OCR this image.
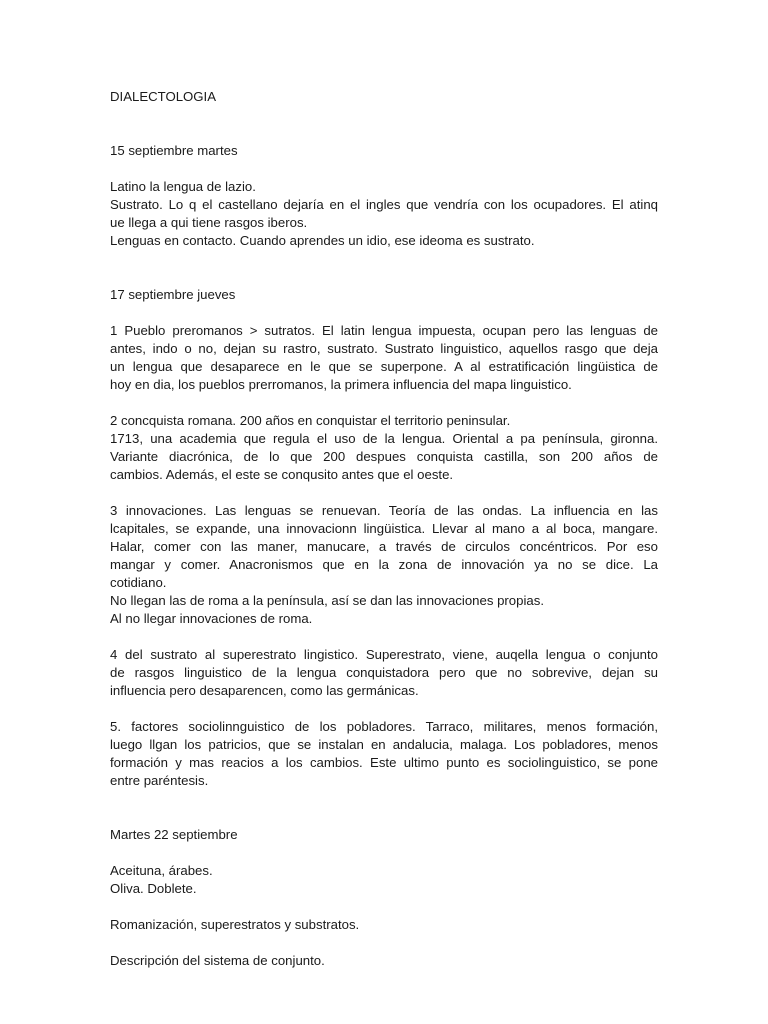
DIALECTOLOGIA
15 septiembre martes

Latino la lengua de lazio.
Sustrato. Lo q el castellano dejaría en el ingles que vendría con los ocupadores. El atinq
ue llega a qui tiene rasgos iberos.
Lenguas en contacto. Cuando aprendes un idio, ese ideoma es sustrato.

17 septiembre jueves

1 Pueblo preromanos > sutratos. El latin lengua impuesta, ocupan pero las lenguas de
antes, indo o no, dejan su rastro, sustrato. Sustrato linguistico, aquellos rasgo que deja
un lengua que desaparece en le que se superpone. A al estratificación lingüistica de
hoy en dia, los pueblos prerromanos, la primera influencia del mapa linguistico.

2 concquista romana. 200 años en conquistar el territorio peninsular.
1713, una academia que regula el uso de la lengua. Oriental a pa península, gironna.
Variante diacrónica, de lo que 200 despues conquista castilla, son 200 años de
cambios. Además, el este se conqusito antes que el oeste.

3 innovaciones. Las lenguas se renuevan. Teoría de las ondas. La influencia en las
lcapitales, se expande, una innovacionn lingüistica. Llevar al mano a al boca, mangare.
Halar, comer con las maner, manucare, a través de circulos concéntricos. Por eso
mangar y comer. Anacronismos que en la zona de innovación ya no se dice. La
cotidiano.
No llegan las de roma a la península, así se dan las innovaciones propias.
Al no llegar innovaciones de roma.

4 del sustrato al superestrato lingistico. Superestrato, viene, auqella lengua o conjunto
de rasgos linguistico de la lengua conquistadora pero que no sobrevive, dejan su
influencia pero desaparencen, como las germánicas.

5. factores sociolinnguistico de los pobladores. Tarraco, militares, menos formación,
luego llgan los patricios, que se instalan en andalucia, malaga. Los pobladores, menos
formación y mas reacios a los cambios. Este ultimo punto es sociolinguistico, se pone
entre paréntesis.

Martes 22 septiembre

Aceituna, árabes.
Oliva. Doblete.

Romanización, superestratos y substratos.

Descripción del sistema de conjunto.
